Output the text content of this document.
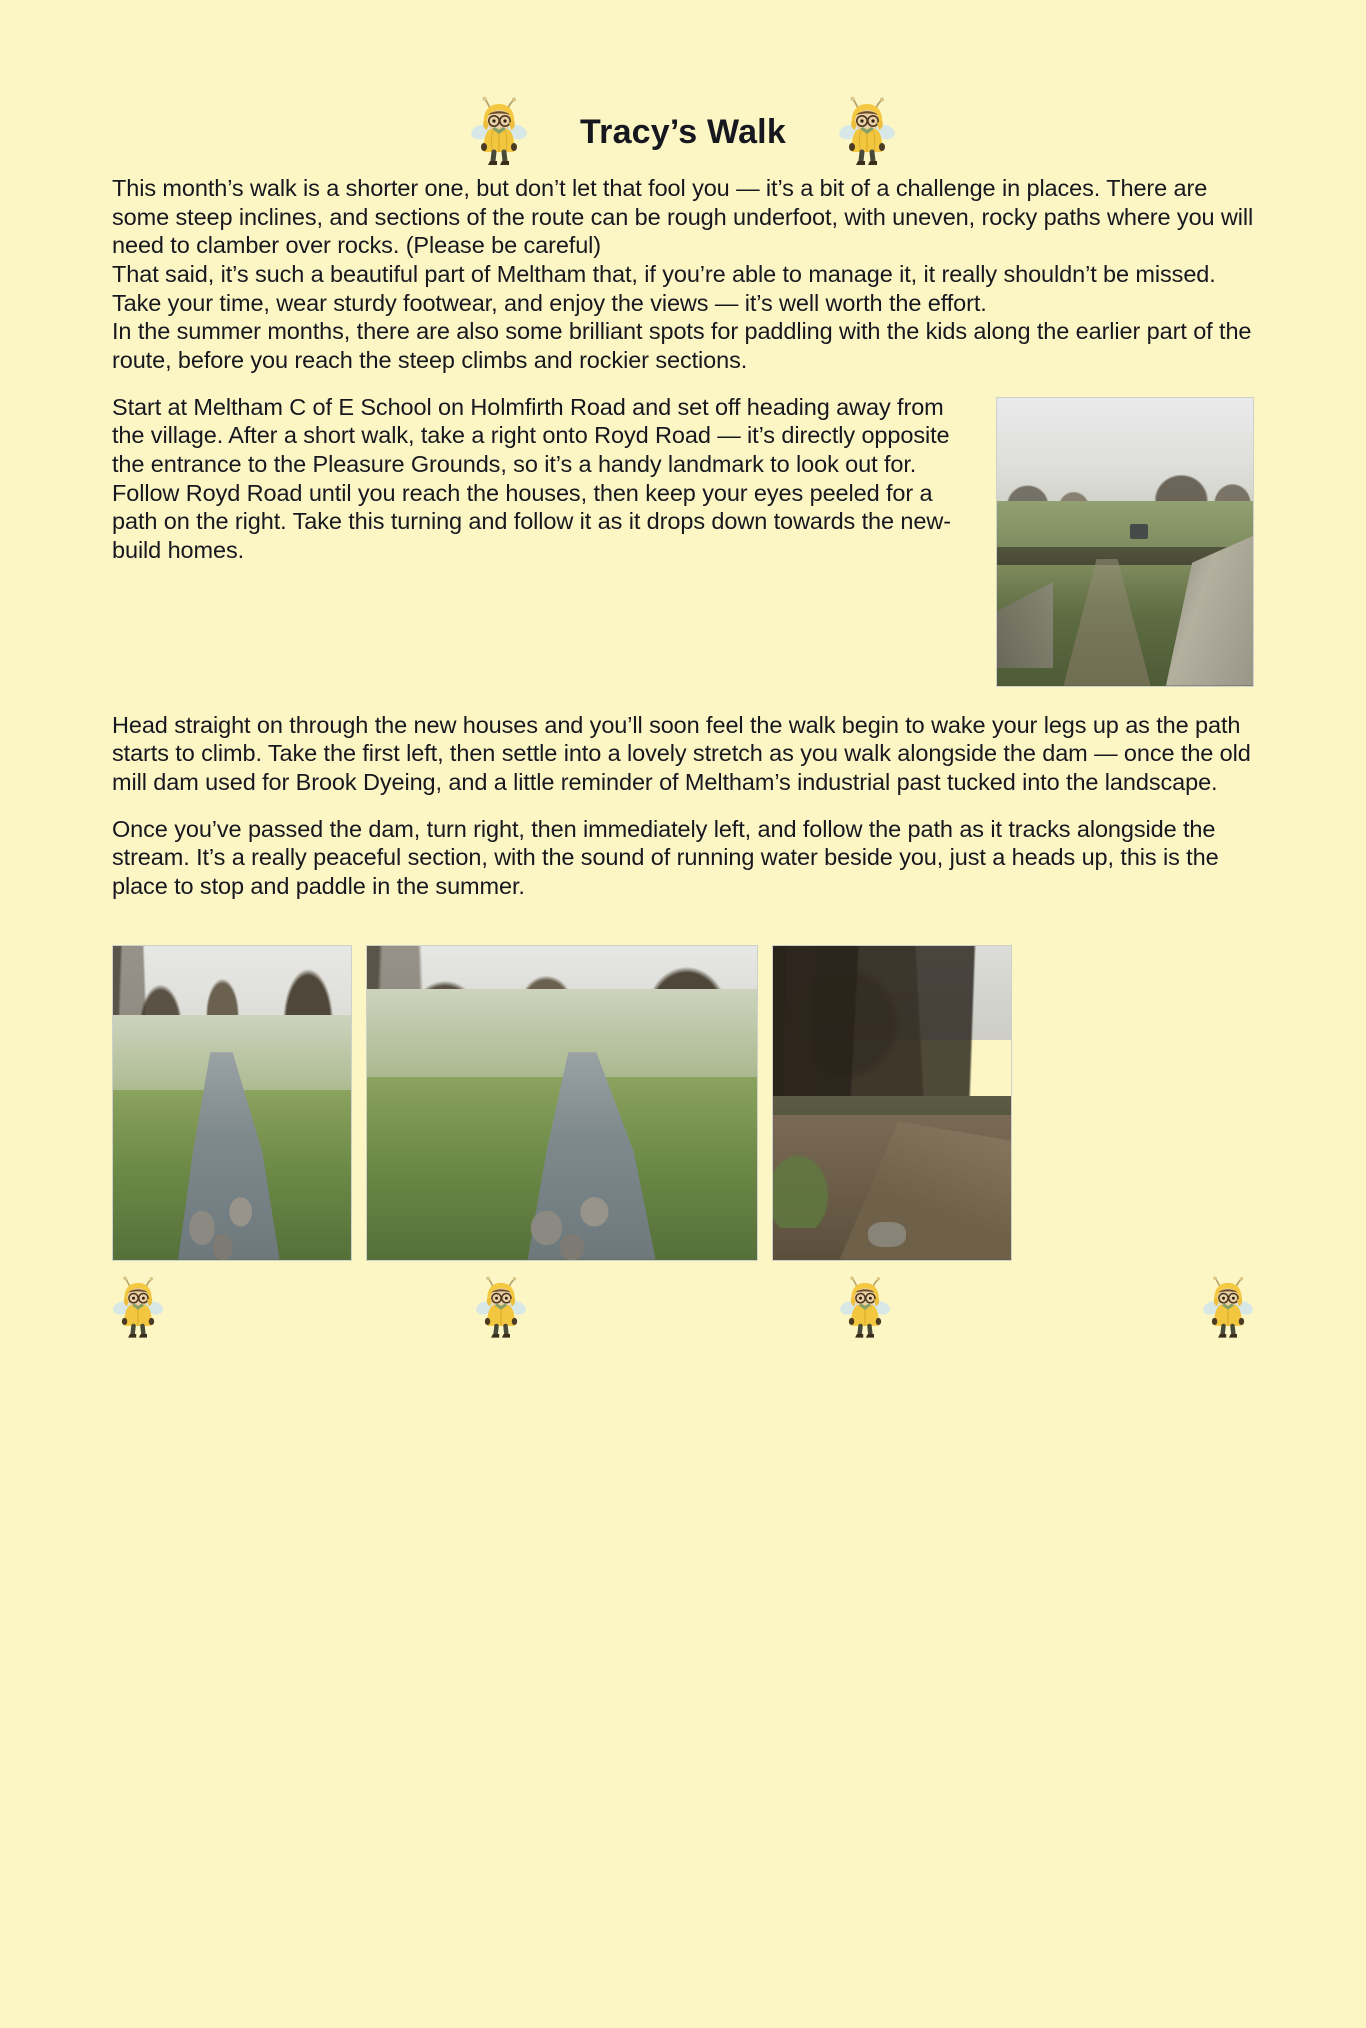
Tracy’s Walk

This month’s walk is a shorter one, but don’t let that fool you — it’s a bit of a challenge in places. There are some steep inclines, and sections of the route can be rough underfoot, with uneven, rocky paths where you will need to clamber over rocks. (Please be careful)

That said, it’s such a beautiful part of Meltham that, if you’re able to manage it, it really shouldn’t be missed. Take your time, wear sturdy footwear, and enjoy the views — it’s well worth the effort.

In the summer months, there are also some brilliant spots for paddling with the kids along the earlier part of the route, before you reach the steep climbs and rockier sections.

Start at Meltham C of E School on Holmfirth Road and set off heading away from the village. After a short walk, take a right onto Royd Road — it’s directly opposite the entrance to the Pleasure Grounds, so it’s a handy landmark to look out for.

Follow Royd Road until you reach the houses, then keep your eyes peeled for a path on the right. Take this turning and follow it as it drops down towards the new-build homes.

Head straight on through the new houses and you’ll soon feel the walk begin to wake your legs up as the path starts to climb. Take the first left, then settle into a lovely stretch as you walk alongside the dam — once the old mill dam used for Brook Dyeing, and a little reminder of Meltham’s industrial past tucked into the landscape.

Once you’ve passed the dam, turn right, then immediately left, and follow the path as it tracks alongside the stream. It’s a really peaceful section, with the sound of running water beside you, just a heads up, this is the place to stop and paddle in the summer.
